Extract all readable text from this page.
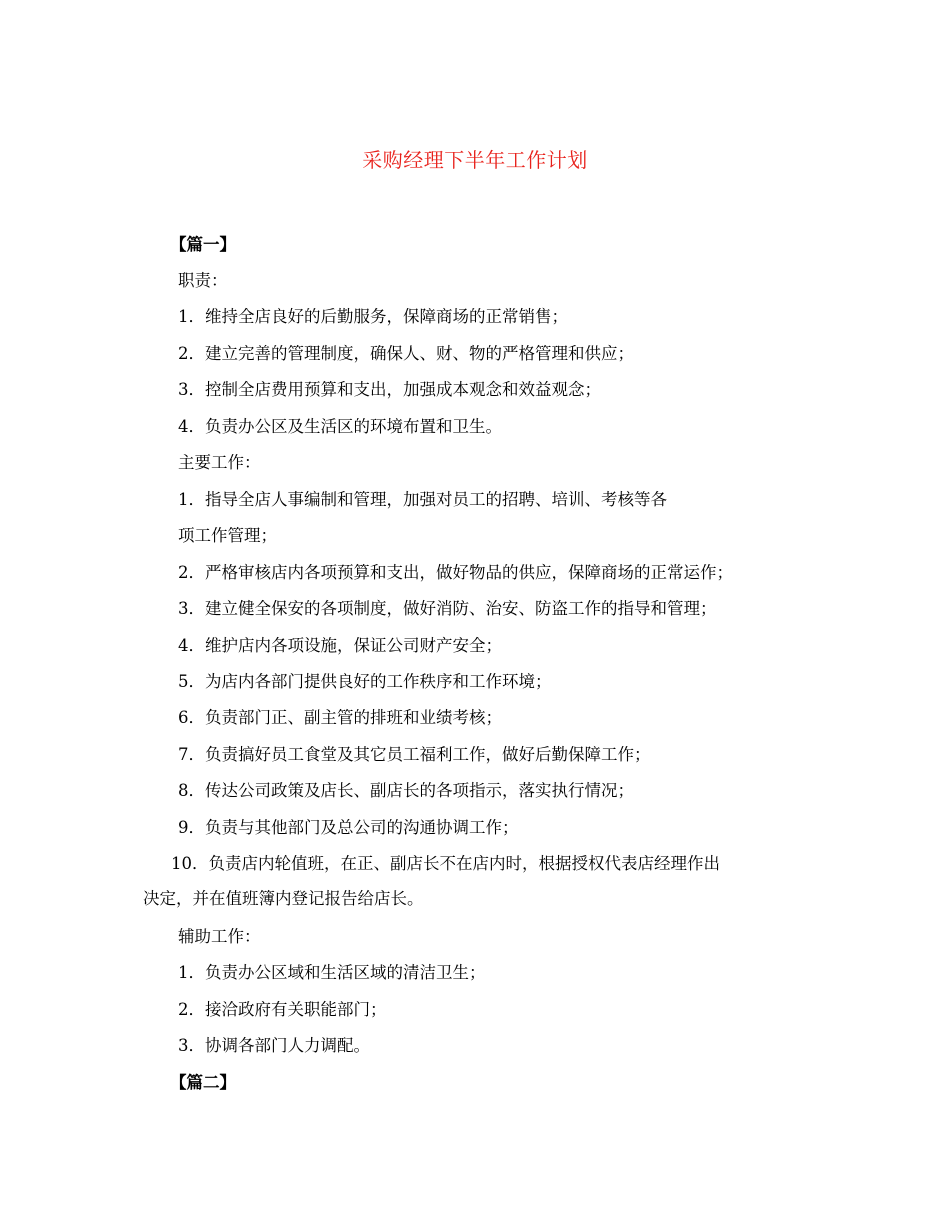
采购经理下半年工作计划
【篇一】
职责：
1．维持全店良好的后勤服务，保障商场的正常销售；
2．建立完善的管理制度，确保人、财、物的严格管理和供应；
3．控制全店费用预算和支出，加强成本观念和效益观念；
4．负责办公区及生活区的环境布置和卫生。
主要工作：
1．指导全店人事编制和管理，加强对员工的招聘、培训、考核等各
项工作管理；
2．严格审核店内各项预算和支出，做好物品的供应，保障商场的正常运作；
3．建立健全保安的各项制度，做好消防、治安、防盗工作的指导和管理；
4．维护店内各项设施，保证公司财产安全；
5．为店内各部门提供良好的工作秩序和工作环境；
6．负责部门正、副主管的排班和业绩考核；
7．负责搞好员工食堂及其它员工福利工作，做好后勤保障工作；
8．传达公司政策及店长、副店长的各项指示，落实执行情况；
9．负责与其他部门及总公司的沟通协调工作；
10．负责店内轮值班，在正、副店长不在店内时，根据授权代表店经理作出
决定，并在值班簿内登记报告给店长。
辅助工作：
1．负责办公区域和生活区域的清洁卫生；
2．接洽政府有关职能部门；
3．协调各部门人力调配。
【篇二】
